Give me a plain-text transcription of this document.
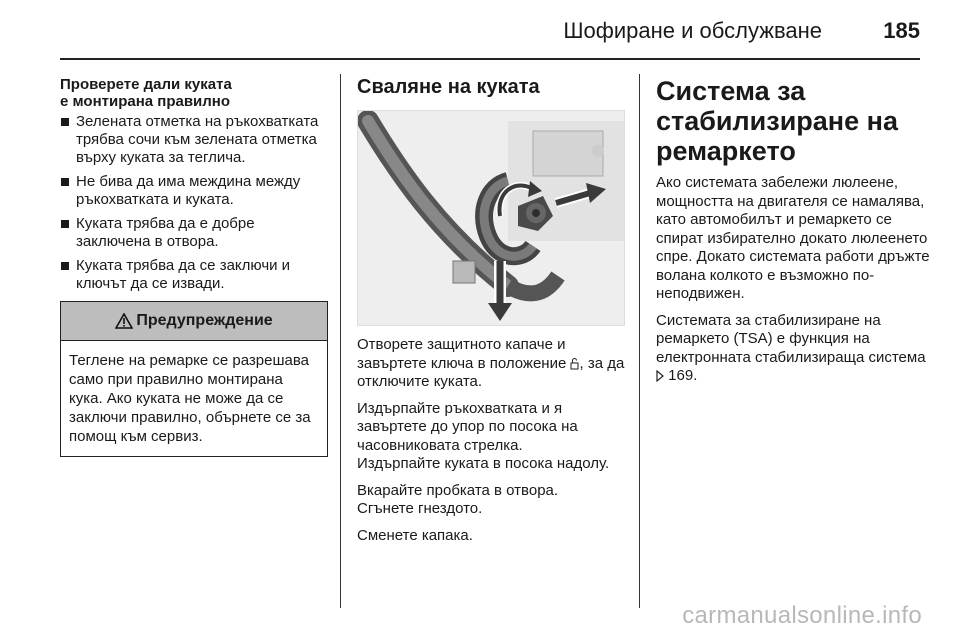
Шофиране и обслужване	185
Проверете дали куката
е монтирана правилно
Зелената отметка на ръкохватката трябва сочи към зелената отметка върху куката за теглича.
Не бива да има междина между ръкохватката и куката.
Куката трябва да е добре заключена в отвора.
Куката трябва да се заключи и ключът да се извади.
Предупреждение
Теглене на ремарке се разрешава само при правилно монтирана кука. Ако куката не може да се заключи правилно, обърнете се за помощ към сервиз.
Сваляне на куката

Отворете защитното капаче и завъртете ключа в положение , за да отключите куката.

Издърпайте ръкохватката и я завъртете до упор по посока на часовниковата стрелка.

Издърпайте куката в посока надолу.

Вкарайте пробката в отвора.

Сгънете гнездото.

Сменете капака.

Система за стабилизиране на ремаркето

Ако системата забележи люлеене, мощността на двигателя се намалява, като автомобилът и ремаркето се спират избирателно докато люлеенето спре. Докато системата работи дръжте волана колкото е възможно по-неподвижен.

Системата за стабилизиране на ремаркето (TSA) е функция на електронната стабилизираща система  169.

carmanualsonline.info
